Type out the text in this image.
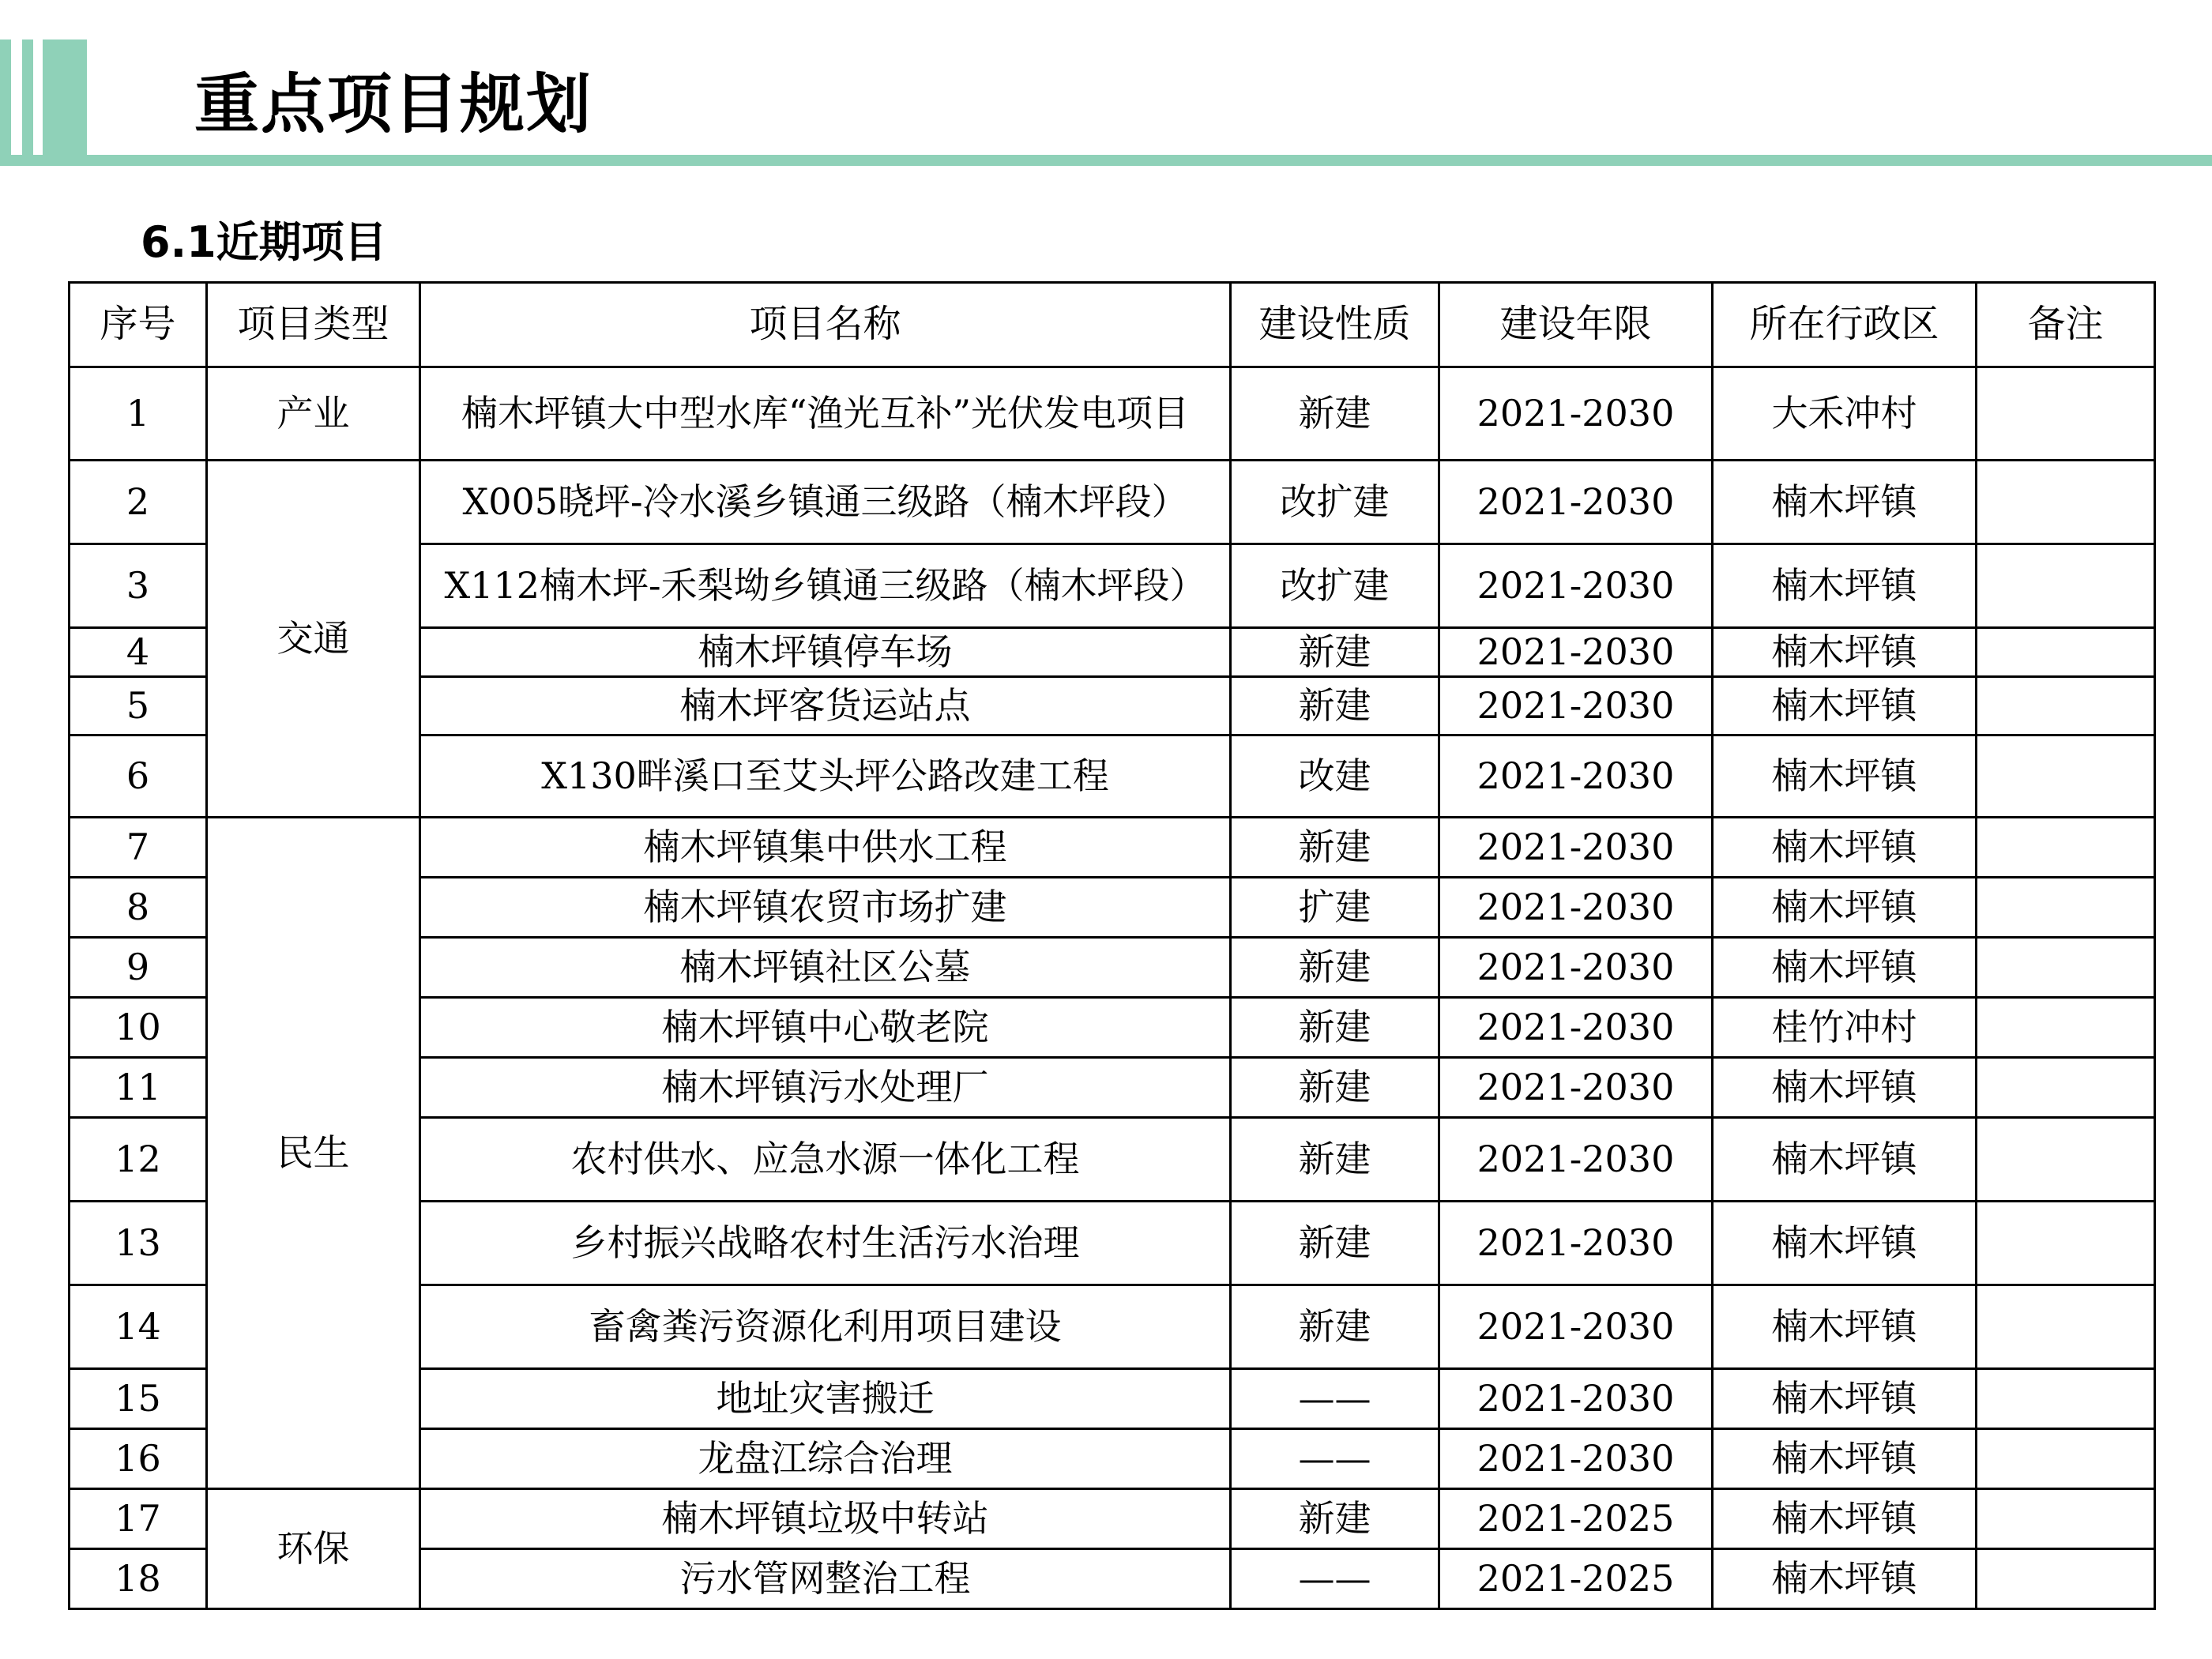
重点项目规划
6.1近期项目
序号	项目类型	项目名称	建设性质	建设年限	所在行政区	备注
1	产业	楠木坪镇大中型水库“渔光互补”光伏发电项目	新建	2021-2030	大禾冲村	
2	交通	X005晓坪-冷水溪乡镇通三级路（楠木坪段）	改扩建	2021-2030	楠木坪镇	
3		X112楠木坪-禾梨坳乡镇通三级路（楠木坪段）	改扩建	2021-2030	楠木坪镇	
4		楠木坪镇停车场	新建	2021-2030	楠木坪镇	
5		楠木坪客货运站点	新建	2021-2030	楠木坪镇	
6		X130畔溪口至艾头坪公路改建工程	改建	2021-2030	楠木坪镇	
7	民生	楠木坪镇集中供水工程	新建	2021-2030	楠木坪镇	
8		楠木坪镇农贸市场扩建	扩建	2021-2030	楠木坪镇	
9		楠木坪镇社区公墓	新建	2021-2030	楠木坪镇	
10		楠木坪镇中心敬老院	新建	2021-2030	桂竹冲村	
11		楠木坪镇污水处理厂	新建	2021-2030	楠木坪镇	
12		农村供水、应急水源一体化工程	新建	2021-2030	楠木坪镇	
13		乡村振兴战略农村生活污水治理	新建	2021-2030	楠木坪镇	
14		畜禽粪污资源化利用项目建设	新建	2021-2030	楠木坪镇	
15		地址灾害搬迁	——	2021-2030	楠木坪镇	
16		龙盘江综合治理	——	2021-2030	楠木坪镇	
17	环保	楠木坪镇垃圾中转站	新建	2021-2025	楠木坪镇	
18		污水管网整治工程	——	2021-2025	楠木坪镇	
